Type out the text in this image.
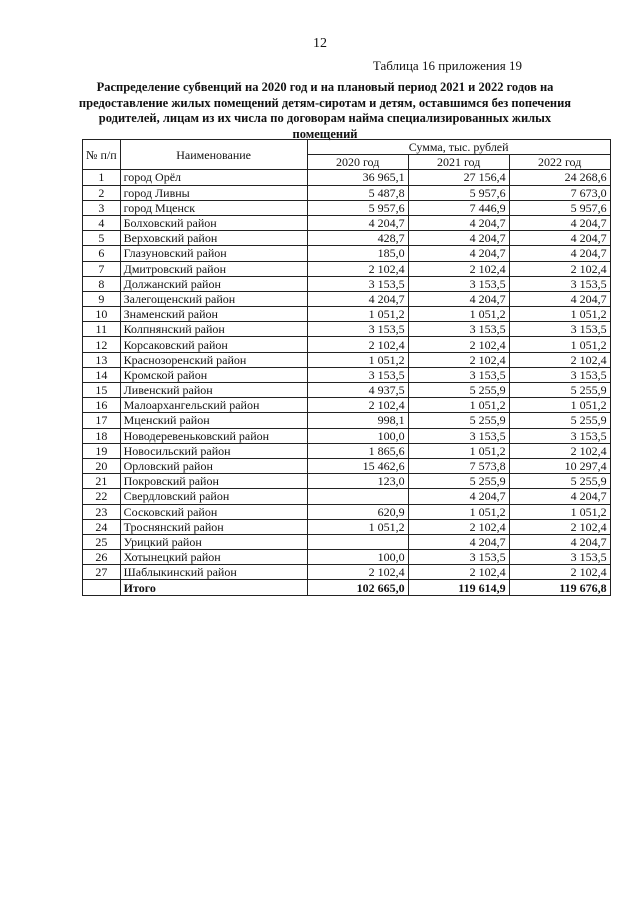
12
Таблица 16 приложения 19
Распределение субвенций на 2020 год и на плановый период 2021 и 2022 годов на предоставление жилых помещений детям-сиротам и детям, оставшимся без попечения родителей, лицам из их числа по договорам найма специализированных жилых помещений
№ п/п	Наименование	Сумма, тыс. рублей		
		2020 год	2021 год	2022 год
1	город Орёл	36 965,1	27 156,4	24 268,6
2	город Ливны	5 487,8	5 957,6	7 673,0
3	город Мценск	5 957,6	7 446,9	5 957,6
4	Болховский район	4 204,7	4 204,7	4 204,7
5	Верховский район	428,7	4 204,7	4 204,7
6	Глазуновский район	185,0	4 204,7	4 204,7
7	Дмитровский район	2 102,4	2 102,4	2 102,4
8	Должанский район	3 153,5	3 153,5	3 153,5
9	Залегощенский район	4 204,7	4 204,7	4 204,7
10	Знаменский район	1 051,2	1 051,2	1 051,2
11	Колпнянский район	3 153,5	3 153,5	3 153,5
12	Корсаковский район	2 102,4	2 102,4	1 051,2
13	Краснозоренский район	1 051,2	2 102,4	2 102,4
14	Кромской район	3 153,5	3 153,5	3 153,5
15	Ливенский район	4 937,5	5 255,9	5 255,9
16	Малоархангельский район	2 102,4	1 051,2	1 051,2
17	Мценский район	998,1	5 255,9	5 255,9
18	Новодеревеньковский район	100,0	3 153,5	3 153,5
19	Новосильский район	1 865,6	1 051,2	2 102,4
20	Орловский район	15 462,6	7 573,8	10 297,4
21	Покровский район	123,0	5 255,9	5 255,9
22	Свердловский район		4 204,7	4 204,7
23	Сосковский район	620,9	1 051,2	1 051,2
24	Троснянский район	1 051,2	2 102,4	2 102,4
25	Урицкий район		4 204,7	4 204,7
26	Хотынецкий район	100,0	3 153,5	3 153,5
27	Шаблыкинский район	2 102,4	2 102,4	2 102,4
	Итого	102 665,0	119 614,9	119 676,8
